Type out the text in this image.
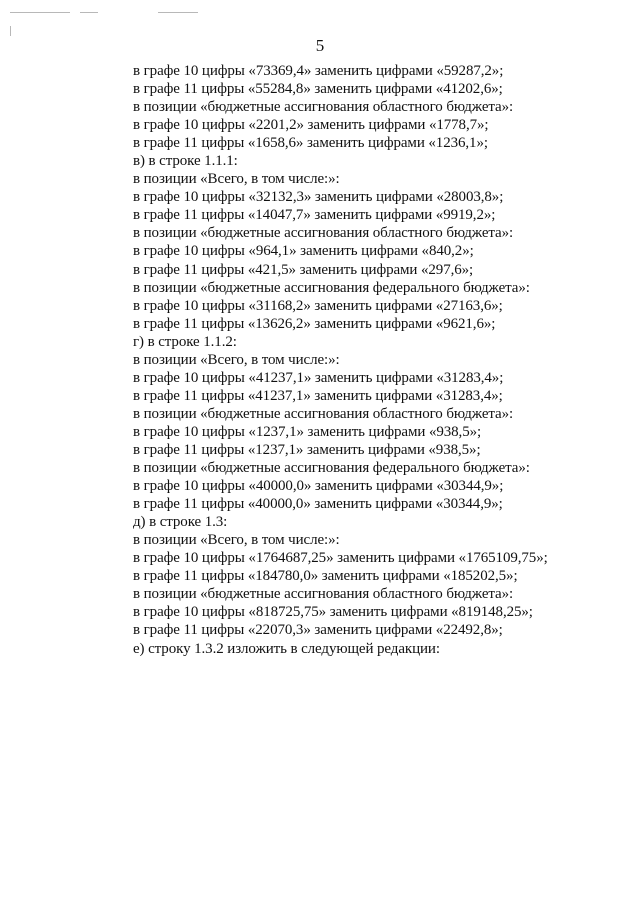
5
в графе 10 цифры «73369,4» заменить цифрами «59287,2»;
в графе 11 цифры «55284,8» заменить цифрами «41202,6»;
в позиции «бюджетные ассигнования областного бюджета»:
в графе 10 цифры «2201,2» заменить цифрами «1778,7»;
в графе 11 цифры «1658,6» заменить цифрами «1236,1»;
в) в строке 1.1.1:
в позиции «Всего, в том числе:»:
в графе 10 цифры «32132,3» заменить цифрами «28003,8»;
в графе 11 цифры «14047,7» заменить цифрами «9919,2»;
в позиции «бюджетные ассигнования областного бюджета»:
в графе 10 цифры «964,1» заменить цифрами «840,2»;
в графе 11 цифры «421,5» заменить цифрами «297,6»;
в позиции «бюджетные ассигнования федерального бюджета»:
в графе 10 цифры «31168,2» заменить цифрами «27163,6»;
в графе 11 цифры «13626,2» заменить цифрами «9621,6»;
г) в строке 1.1.2:
в позиции «Всего, в том числе:»:
в графе 10 цифры «41237,1» заменить цифрами «31283,4»;
в графе 11 цифры «41237,1» заменить цифрами «31283,4»;
в позиции «бюджетные ассигнования областного бюджета»:
в графе 10 цифры «1237,1» заменить цифрами «938,5»;
в графе 11 цифры «1237,1» заменить цифрами «938,5»;
в позиции «бюджетные ассигнования федерального бюджета»:
в графе 10 цифры «40000,0» заменить цифрами «30344,9»;
в графе 11 цифры «40000,0» заменить цифрами «30344,9»;
д) в строке 1.3:
в позиции «Всего, в том числе:»:
в графе 10 цифры «1764687,25» заменить цифрами «1765109,75»;
в графе 11 цифры «184780,0» заменить цифрами «185202,5»;
в позиции «бюджетные ассигнования областного бюджета»:
в графе 10 цифры «818725,75» заменить цифрами «819148,25»;
в графе 11 цифры «22070,3» заменить цифрами «22492,8»;
е) строку 1.3.2 изложить в следующей редакции:
